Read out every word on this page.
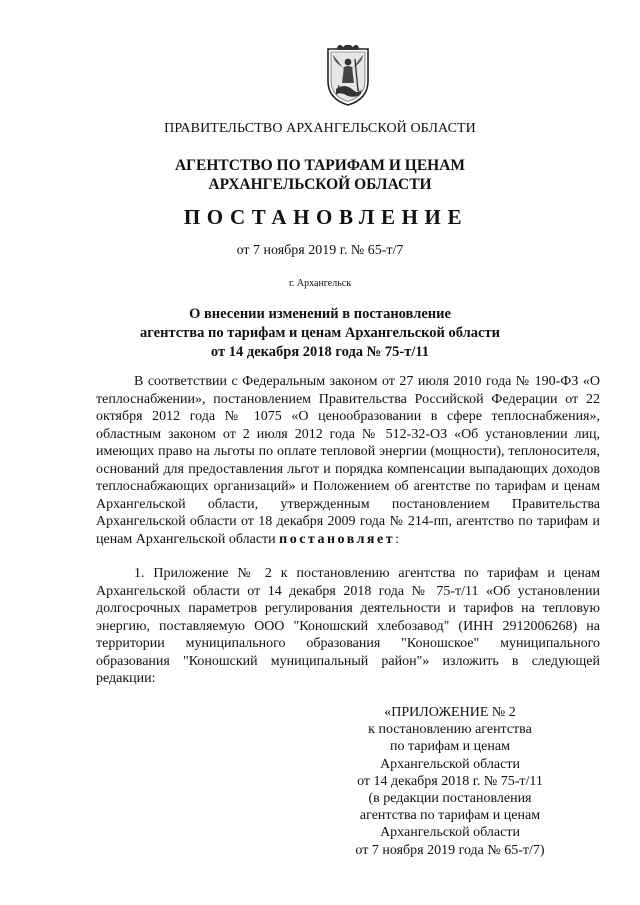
ПРАВИТЕЛЬСТВО АРХАНГЕЛЬСКОЙ ОБЛАСТИ
АГЕНТСТВО ПО ТАРИФАМ И ЦЕНАМ
АРХАНГЕЛЬСКОЙ ОБЛАСТИ
ПОСТАНОВЛЕНИЕ
от 7 ноября 2019 г. № 65-т/7
г. Архангельск
О внесении изменений в постановление
агентства по тарифам и ценам Архангельской области
от 14 декабря 2018 года № 75-т/11
В соответствии с Федеральным законом от 27 июля 2010 года № 190-ФЗ «О теплоснабжении», постановлением Правительства Российской Федерации от 22 октября 2012 года № 1075 «О ценообразовании в сфере теплоснабжения», областным законом от 2 июля 2012 года № 512-32-ОЗ «Об установлении лиц, имеющих право на льготы по оплате тепловой энергии (мощности), теплоносителя, оснований для предоставления льгот и порядка компенсации выпадающих доходов теплоснабжающих организаций» и Положением об агентстве по тарифам и ценам Архангельской области, утвержденным постановлением Правительства Архангельской области от 18 декабря 2009 года № 214-пп, агентство по тарифам и ценам Архангельской области постановляет:
1. Приложение № 2 к постановлению агентства по тарифам и ценам Архангельской области от 14 декабря 2018 года № 75-т/11 «Об установлении долгосрочных параметров регулирования деятельности и тарифов на тепловую энергию, поставляемую ООО "Коношский хлебозавод" (ИНН 2912006268) на территории муниципального образования "Коношское" муниципального образования "Коношский муниципальный район"» изложить в следующей редакции:
«ПРИЛОЖЕНИЕ № 2
к постановлению агентства
по тарифам и ценам
Архангельской области
от 14 декабря 2018 г. № 75-т/11
(в редакции постановления
агентства по тарифам и ценам
Архангельской области
от 7 ноября 2019 года № 65-т/7)
